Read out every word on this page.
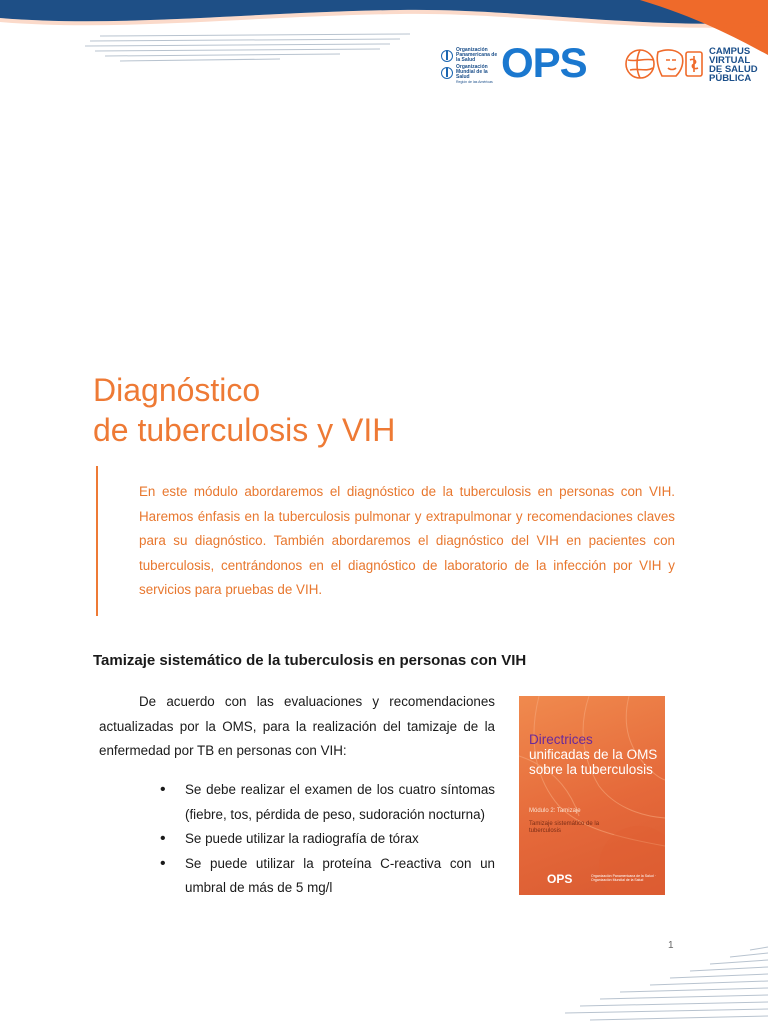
Organización Panamericana de la Salud
Organización Mundial de la Salud
Región de las Américas OPS	CAMPUS
VIRTUAL
DE SALUD
PÚBLICA
Diagnóstico
de tuberculosis y VIH
En este módulo abordaremos el diagnóstico de la tuberculosis en personas con VIH. Haremos énfasis en la tuberculosis pulmonar y extrapulmonar y recomendaciones claves para su diagnóstico. También abordaremos el diagnóstico del VIH en pacientes con tuberculosis, centrándonos en el diagnóstico de laboratorio de la infección por VIH y servicios para pruebas de VIH.
Tamizaje sistemático de la tuberculosis en personas con VIH
De acuerdo con las evaluaciones y recomendaciones actualizadas por la OMS, para la realización del tamizaje de la enfermedad por TB en personas con VIH:
• Se debe realizar el examen de los cuatro síntomas (fiebre, tos, pérdida de peso, sudoración nocturna)
• Se puede utilizar la radiografía de tórax
• Se puede utilizar la proteína C-reactiva con un umbral de más de 5 mg/l
Directrices
unificadas de la OMS sobre la tuberculosis
Módulo 2: Tamizaje
Tamizaje sistemático de la tuberculosis
OPS	Organización Panamericana de la Salud · Organización Mundial de la Salud
1
